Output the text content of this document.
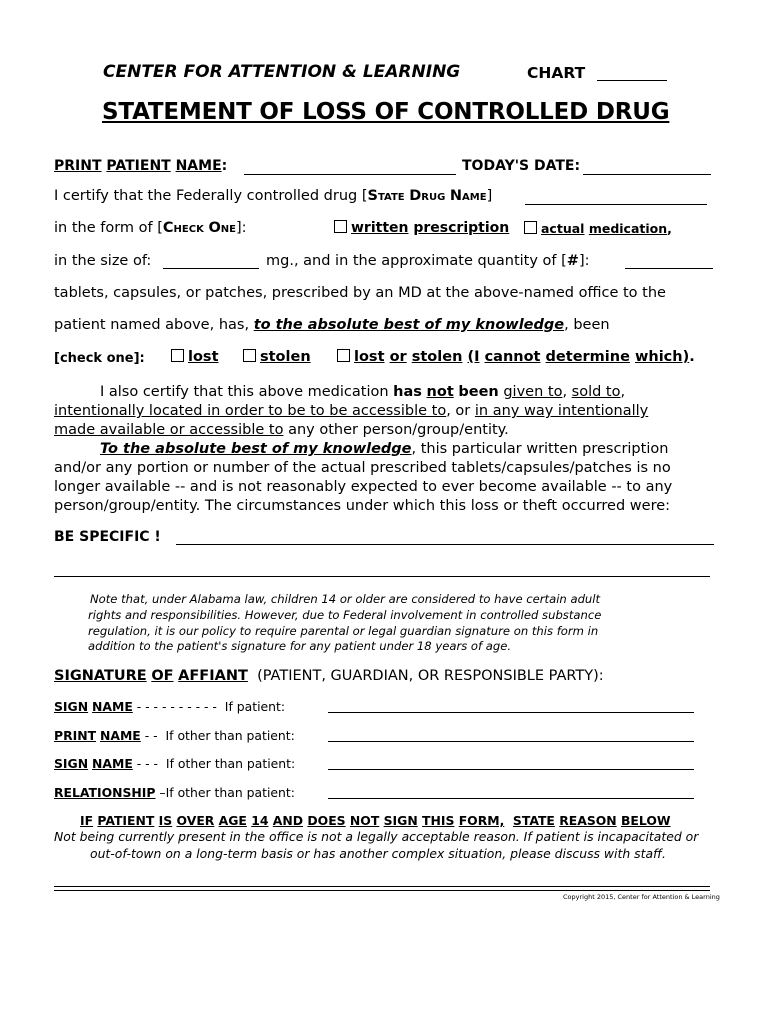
CENTER FOR ATTENTION & LEARNING	CHART
STATEMENT OF LOSS OF CONTROLLED DRUG
PRINT PATIENT NAME:	TODAY'S DATE:
I certify that the Federally controlled drug [State Drug Name]
in the form of [Check One]:	written prescription	actual medication,
in the size of:	mg., and in the approximate quantity of [#]:
tablets, capsules, or patches, prescribed by an MD at the above-named office to the
patient named above, has, to the absolute best of my knowledge, been
[check one]:	lost	stolen	lost or stolen (I cannot determine which).
I also certify that this above medication has not been given to, sold to,
intentionally located in order to be to be accessible to, or in any way intentionally
made available or accessible to any other person/group/entity.
To the absolute best of my knowledge, this particular written prescription
and/or any portion or number of the actual prescribed tablets/capsules/patches is no
longer available -- and is not reasonably expected to ever become available -- to any
person/group/entity. The circumstances under which this loss or theft occurred were:
BE SPECIFIC !
Note that, under Alabama law, children 14 or older are considered to have certain adult
rights and responsibilities. However, due to Federal involvement in controlled substance
regulation, it is our policy to require parental or legal guardian signature on this form in
addition to the patient's signature for any patient under 18 years of age.
SIGNATURE OF AFFIANT (PATIENT, GUARDIAN, OR RESPONSIBLE PARTY):
SIGN NAME - - - - - - - - - - If patient:
PRINT NAME - - If other than patient:
SIGN NAME - - - If other than patient:
RELATIONSHIP –If other than patient:
IF PATIENT IS OVER AGE 14 AND DOES NOT SIGN THIS FORM, STATE REASON BELOW
Not being currently present in the office is not a legally acceptable reason. If patient is incapacitated or
out-of-town on a long-term basis or has another complex situation, please discuss with staff.
Copyright 2015, Center for Attention & Learning
